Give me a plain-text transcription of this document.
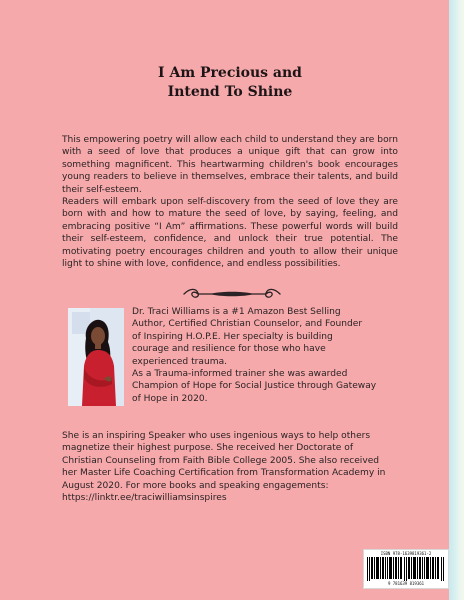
I Am Precious and
Intend To Shine
This empowering poetry will allow each child to understand they are born with a seed of love that produces a unique gift that can grow into something magnificent. This heartwarming children's book encourages young readers to believe in themselves, embrace their talents, and build their self-esteem.
Readers will embark upon self-discovery from the seed of love they are born with and how to mature the seed of love, by saying, feeling, and embracing positive “I Am” affirmations. These powerful words will build their self-esteem, confidence, and unlock their true potential. The motivating poetry encourages children and youth to allow their unique light to shine with love, confidence, and endless possibilities.
Dr. Traci Williams is a #1 Amazon Best Selling
Author, Certified Christian Counselor, and Founder
of Inspiring H.O.P.E. Her specialty is building
courage and resilience for those who have
experienced trauma.
As a Trauma-informed trainer she was awarded
Champion of Hope for Social Justice through Gateway
of Hope in 2020.
She is an inspiring Speaker who uses ingenious ways to help others
magnetize their highest purpose. She received her Doctorate of
Christian Counseling from Faith Bible College 2005. She also received
her Master Life Coaching Certification from Transformation Academy in
August 2020. For more books and speaking engagements:
https://linktr.ee/traciwilliamsinspires
ISBN 978-1639819361-2
9 781639 819361
